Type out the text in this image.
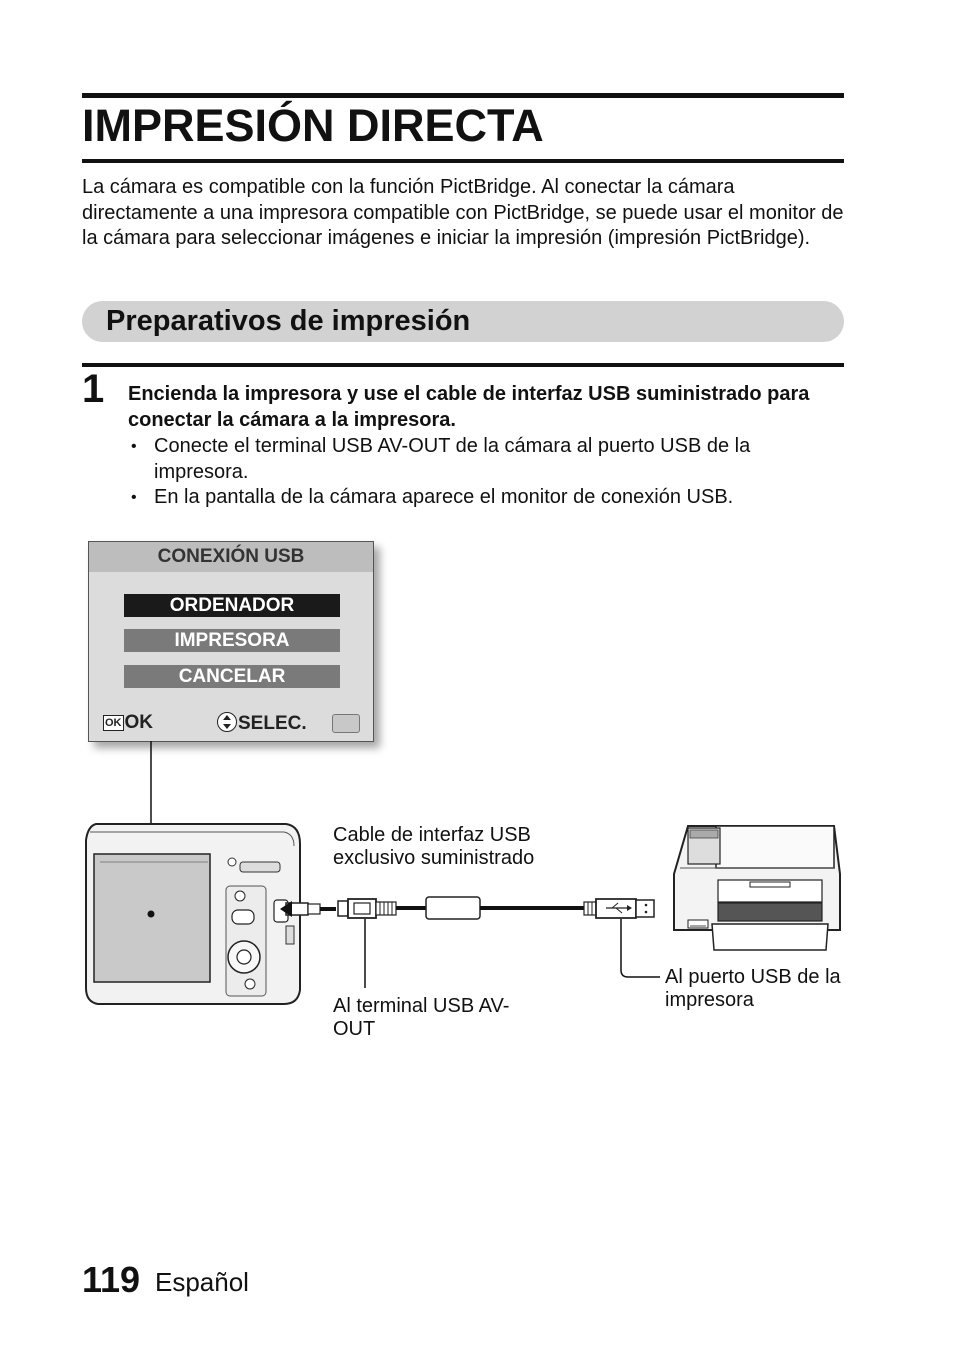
IMPRESIÓN DIRECTA

La cámara es compatible con la función PictBridge. Al conectar la cámara directamente a una impresora compatible con PictBridge, se puede usar el monitor de la cámara para seleccionar imágenes e iniciar la impresión (impresión PictBridge).

Preparativos de impresión
1 Encienda la impresora y use el cable de interfaz USB suministrado para conectar la cámara a la impresora.
• Conecte el terminal USB AV-OUT de la cámara al puerto USB de la impresora.
• En la pantalla de la cámara aparece el monitor de conexión USB.
CONEXIÓN USB
ORDENADOR
IMPRESORA
CANCELAR
OK OK	SELEC.
Cable de interfaz USB exclusivo suministrado
Al terminal USB AV-OUT
Al puerto USB de la impresora
119 Español
